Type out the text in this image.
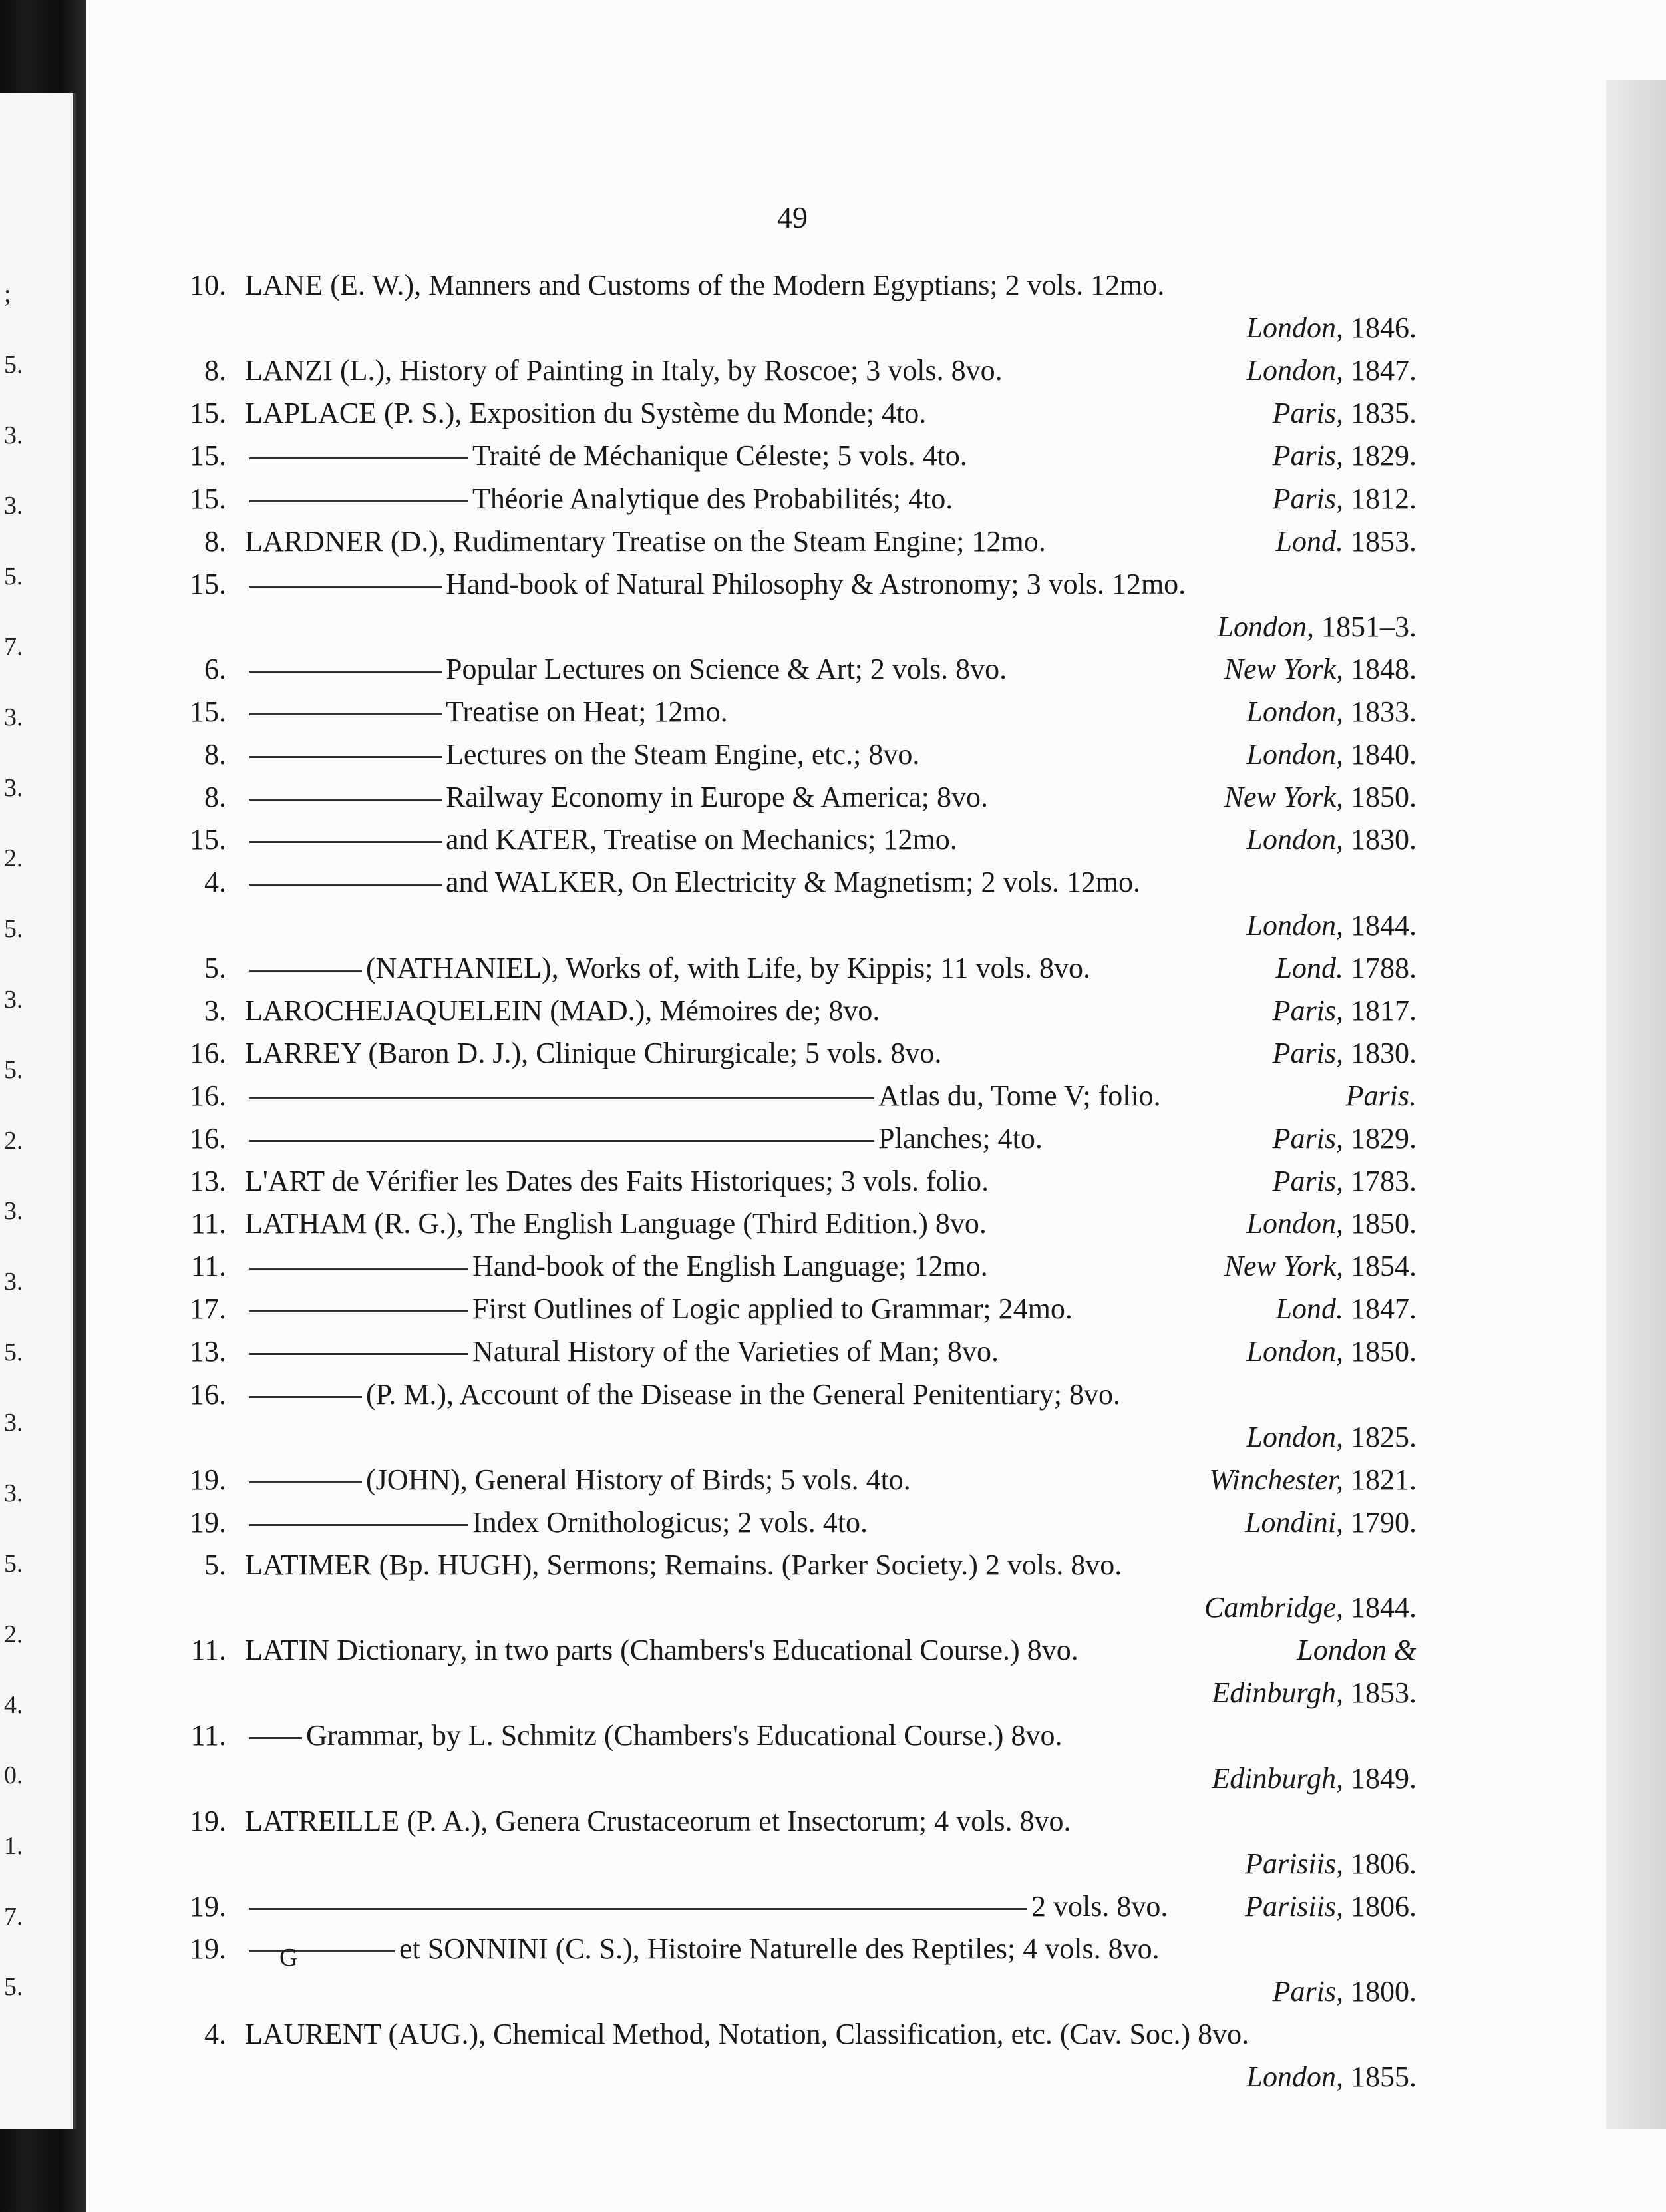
;
5.
3.
3.
5.
7.
3.
3.
2.
5.
3.
5.
2.
3.
3.
5.
3.
3.
5.
2.
4.
0.
1.
7.
5.
49
10. LANE (E. W.), Manners and Customs of the Modern Egyptians; 2 vols. 12mo.
London, 1846.
8. LANZI (L.), History of Painting in Italy, by Roscoe; 3 vols. 8vo.	London, 1847.
15. LAPLACE (P. S.), Exposition du Système du Monde; 4to.	Paris, 1835.
15.	Traité de Méchanique Céleste; 5 vols. 4to.	Paris, 1829.
15.	Théorie Analytique des Probabilités; 4to.	Paris, 1812.
8. LARDNER (D.), Rudimentary Treatise on the Steam Engine; 12mo.	Lond. 1853.
15.	Hand-book of Natural Philosophy & Astronomy; 3 vols. 12mo.
London, 1851–3.
6.	Popular Lectures on Science & Art; 2 vols. 8vo.	New York, 1848.
15.	Treatise on Heat; 12mo.	London, 1833.
8.	Lectures on the Steam Engine, etc.; 8vo.	London, 1840.
8.	Railway Economy in Europe & America; 8vo.	New York, 1850.
15.	and KATER, Treatise on Mechanics; 12mo.	London, 1830.
4.	and WALKER, On Electricity & Magnetism; 2 vols. 12mo.
London, 1844.
5.	(NATHANIEL), Works of, with Life, by Kippis; 11 vols. 8vo.	Lond. 1788.
3. LAROCHEJAQUELEIN (MAD.), Mémoires de; 8vo.	Paris, 1817.
16. LARREY (Baron D. J.), Clinique Chirurgicale; 5 vols. 8vo.	Paris, 1830.
16.	Atlas du, Tome V; folio.	Paris.
16.	Planches; 4to.	Paris, 1829.
13. L'ART de Vérifier les Dates des Faits Historiques; 3 vols. folio.	Paris, 1783.
11. LATHAM (R. G.), The English Language (Third Edition.) 8vo.	London, 1850.
11.	Hand-book of the English Language; 12mo.	New York, 1854.
17.	First Outlines of Logic applied to Grammar; 24mo.	Lond. 1847.
13.	Natural History of the Varieties of Man; 8vo.	London, 1850.
16.	(P. M.), Account of the Disease in the General Penitentiary; 8vo.
London, 1825.
19.	(JOHN), General History of Birds; 5 vols. 4to.	Winchester, 1821.
19.	Index Ornithologicus; 2 vols. 4to.	Londini, 1790.
5. LATIMER (Bp. HUGH), Sermons; Remains. (Parker Society.) 2 vols. 8vo.
Cambridge, 1844.
11. LATIN Dictionary, in two parts (Chambers's Educational Course.) 8vo.	London &
Edinburgh, 1853.
11.	Grammar, by L. Schmitz (Chambers's Educational Course.) 8vo.
Edinburgh, 1849.
19. LATREILLE (P. A.), Genera Crustaceorum et Insectorum; 4 vols. 8vo.
Parisiis, 1806.
19.	2 vols. 8vo.	Parisiis, 1806.
19.	et SONNINI (C. S.), Histoire Naturelle des Reptiles; 4 vols. 8vo.
Paris, 1800.
4. LAURENT (AUG.), Chemical Method, Notation, Classification, etc. (Cav. Soc.) 8vo.
London, 1855.
G
